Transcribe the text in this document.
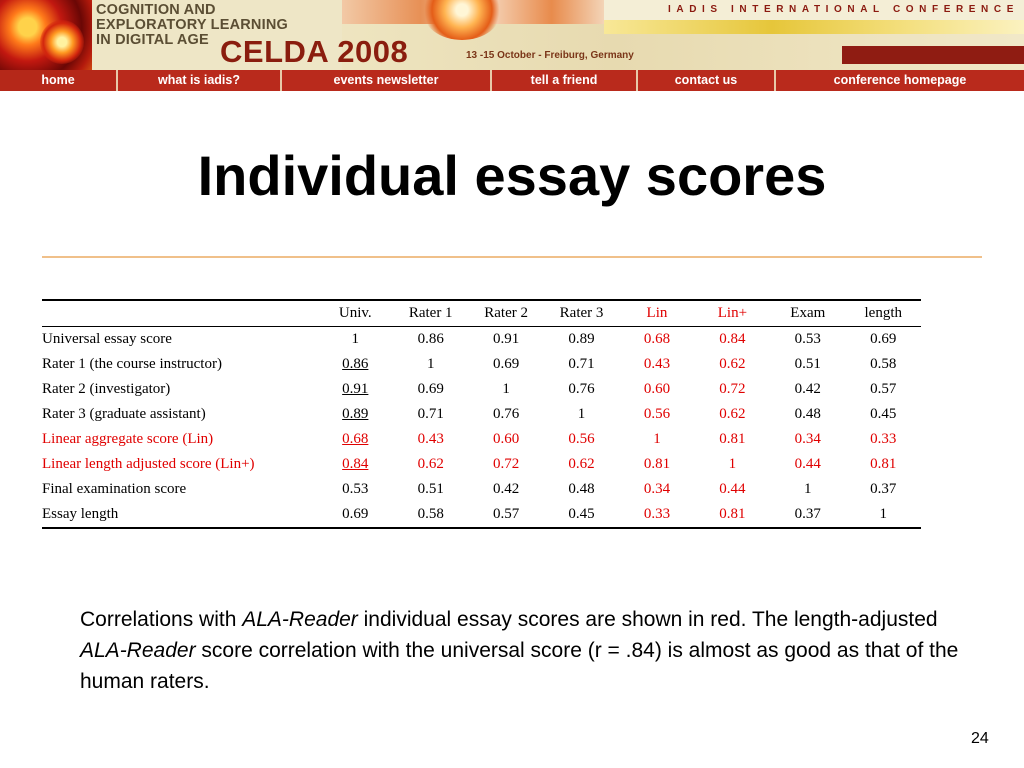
COGNITION AND
EXPLORATORY LEARNING
IN DIGITAL AGE
IADIS INTERNATIONAL CONFERENCE
CELDA 2008	13 -15 October - Freiburg, Germany
home	what is iadis?	events newsletter	tell a friend	contact us	conference homepage
Individual essay scores
	Univ.	Rater 1	Rater 2	Rater 3	Lin	Lin+	Exam	length
Universal essay score	1	0.86	0.91	0.89	0.68	0.84	0.53	0.69
Rater 1 (the course instructor)	0.86	1	0.69	0.71	0.43	0.62	0.51	0.58
Rater 2 (investigator)	0.91	0.69	1	0.76	0.60	0.72	0.42	0.57
Rater 3 (graduate assistant)	0.89	0.71	0.76	1	0.56	0.62	0.48	0.45
Linear aggregate score (Lin)	0.68	0.43	0.60	0.56	1	0.81	0.34	0.33
Linear length adjusted score (Lin+)	0.84	0.62	0.72	0.62	0.81	1	0.44	0.81
Final examination score	0.53	0.51	0.42	0.48	0.34	0.44	1	0.37
Essay length	0.69	0.58	0.57	0.45	0.33	0.81	0.37	1
Correlations with ALA-Reader individual essay scores are shown in red. The length-adjusted ALA-Reader score correlation with the universal score (r = .84) is almost as good as that of the human raters.
24
